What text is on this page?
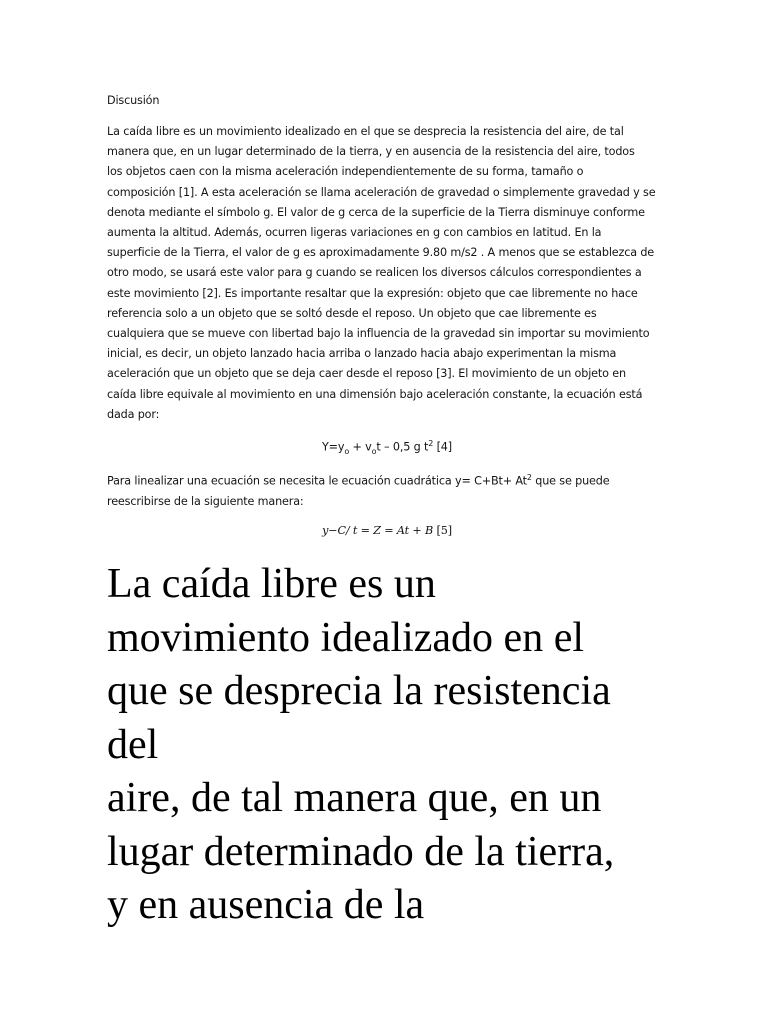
Discusión

La caída libre es un movimiento idealizado en el que se desprecia la resistencia del aire, de tal
manera que, en un lugar determinado de la tierra, y en ausencia de la resistencia del aire, todos
los objetos caen con la misma aceleración independientemente de su forma, tamaño o
composición [1]. A esta aceleración se llama aceleración de gravedad o simplemente gravedad y se
denota mediante el símbolo g. El valor de g cerca de la superficie de la Tierra disminuye conforme
aumenta la altitud. Además, ocurren ligeras variaciones en g con cambios en latitud. En la
superficie de la Tierra, el valor de g es aproximadamente 9.80 m/s2 . A menos que se establezca de
otro modo, se usará este valor para g cuando se realicen los diversos cálculos correspondientes a
este movimiento [2]. Es importante resaltar que la expresión: objeto que cae libremente no hace
referencia solo a un objeto que se soltó desde el reposo. Un objeto que cae libremente es
cualquiera que se mueve con libertad bajo la influencia de la gravedad sin importar su movimiento
inicial, es decir, un objeto lanzado hacia arriba o lanzado hacia abajo experimentan la misma
aceleración que un objeto que se deja caer desde el reposo [3]. El movimiento de un objeto en
caída libre equivale al movimiento en una dimensión bajo aceleración constante, la ecuación está
dada por:

$Y=y_o + v_ot - 0,5$ g $t^2$ [4]

Para linealizar una ecuación se necesita le ecuación cuadrática $y= C+Bt+ At^2$ que se puede
reescribirse de la siguiente manera:

y−C/ t = Z = At + B [5]

La caída libre es un
movimiento idealizado en el
que se desprecia la resistencia
del
aire, de tal manera que, en un
lugar determinado de la tierra,
y en ausencia de la
